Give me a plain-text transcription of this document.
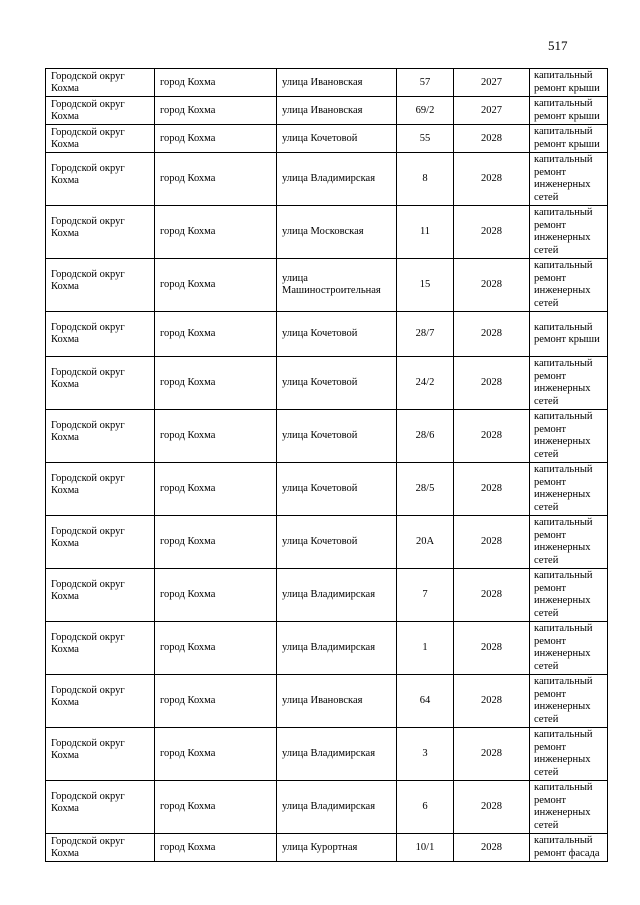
517
Городской округ Кохма	город Кохма	улица Ивановская	57	2027	капитальный ремонт крыши
Городской округ Кохма	город Кохма	улица Ивановская	69/2	2027	капитальный ремонт крыши
Городской округ Кохма	город Кохма	улица Кочетовой	55	2028	капитальный ремонт крыши
Городской округ Кохма	город Кохма	улица Владимирская	8	2028	капитальный ремонт инженерных сетей
Городской округ Кохма	город Кохма	улица Московская	11	2028	капитальный ремонт инженерных сетей
Городской округ Кохма	город Кохма	улица Машиностроительная	15	2028	капитальный ремонт инженерных сетей
Городской округ Кохма	город Кохма	улица Кочетовой	28/7	2028	капитальный ремонт крыши
Городской округ Кохма	город Кохма	улица Кочетовой	24/2	2028	капитальный ремонт инженерных сетей
Городской округ Кохма	город Кохма	улица Кочетовой	28/6	2028	капитальный ремонт инженерных сетей
Городской округ Кохма	город Кохма	улица Кочетовой	28/5	2028	капитальный ремонт инженерных сетей
Городской округ Кохма	город Кохма	улица Кочетовой	20А	2028	капитальный ремонт инженерных сетей
Городской округ Кохма	город Кохма	улица Владимирская	7	2028	капитальный ремонт инженерных сетей
Городской округ Кохма	город Кохма	улица Владимирская	1	2028	капитальный ремонт инженерных сетей
Городской округ Кохма	город Кохма	улица Ивановская	64	2028	капитальный ремонт инженерных сетей
Городской округ Кохма	город Кохма	улица Владимирская	3	2028	капитальный ремонт инженерных сетей
Городской округ Кохма	город Кохма	улица Владимирская	6	2028	капитальный ремонт инженерных сетей
Городской округ Кохма	город Кохма	улица Курортная	10/1	2028	капитальный ремонт фасада
